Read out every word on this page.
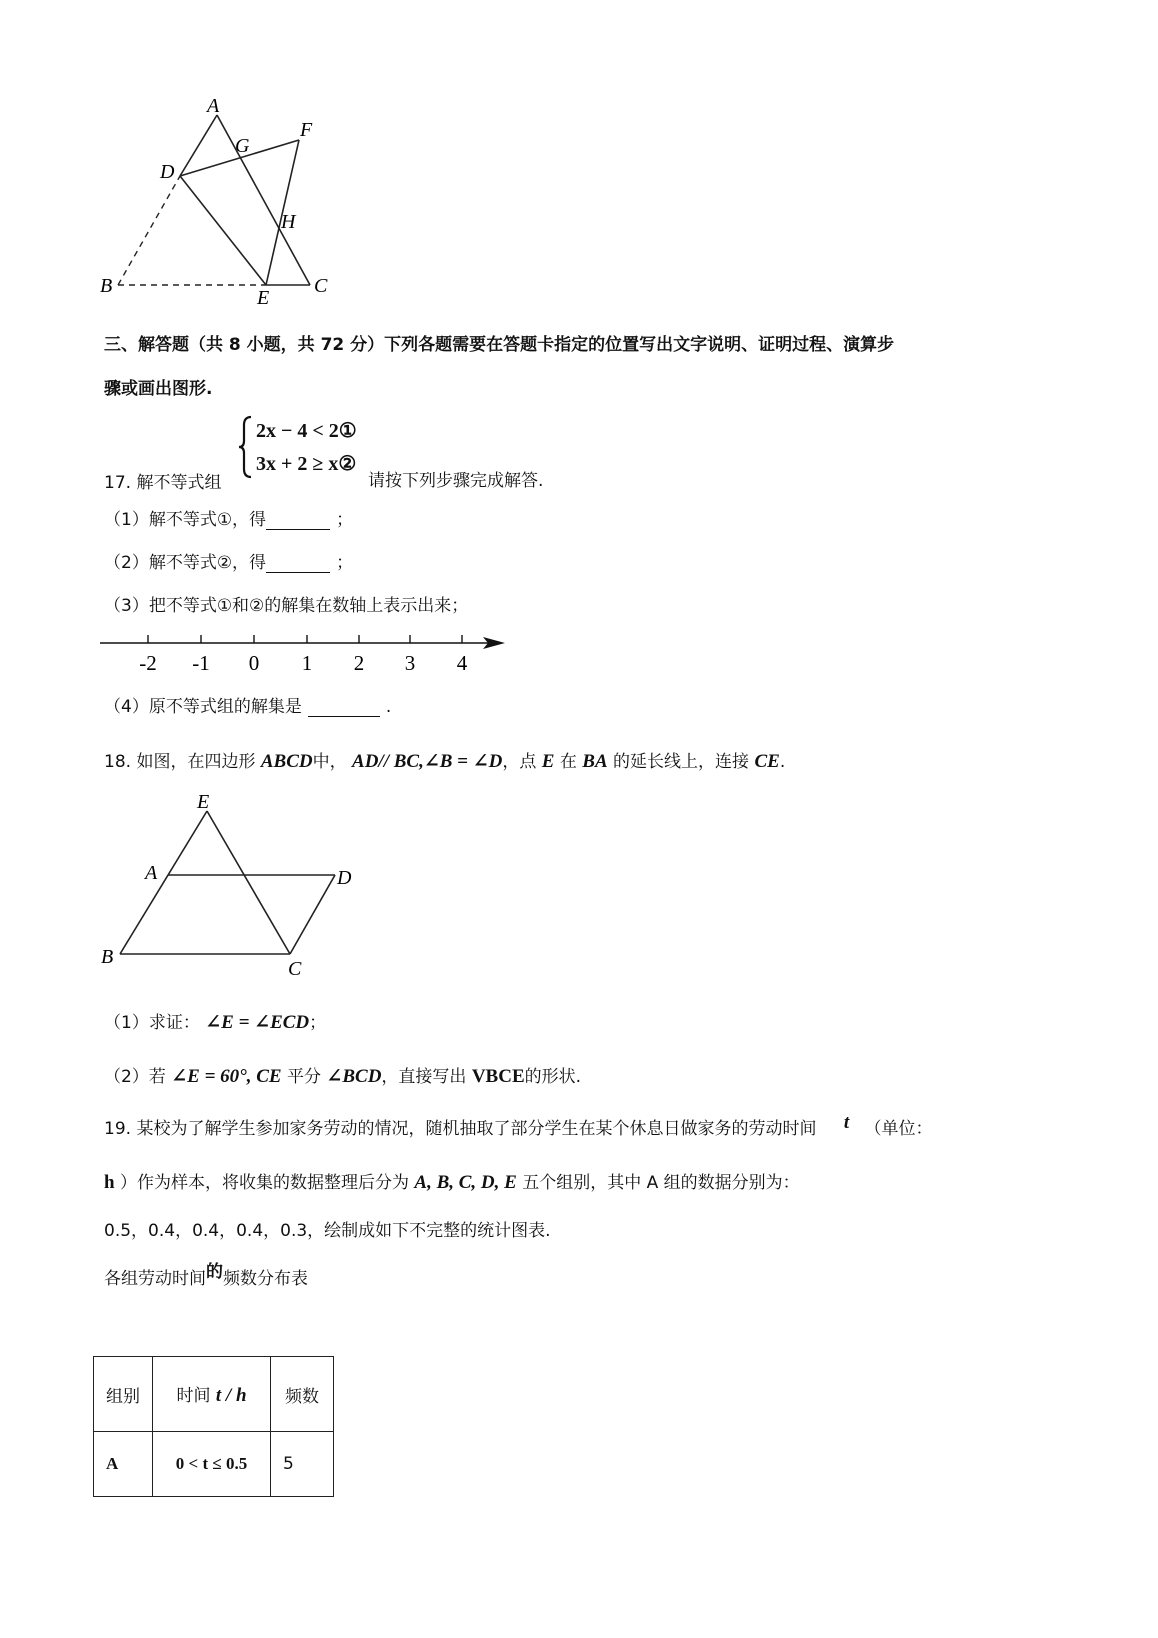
A
G
F
D
H
B
E
C
三、解答题（共 8 小题，共 72 分）下列各题需要在答题卡指定的位置写出文字说明、证明过程、演算步
骤或画出图形.
2x − 4 < 2①
3x + 2 ≥ x②
17. 解不等式组	请按下列步骤完成解答.
（1）解不等式①，得	；
（2）解不等式②，得	；
（3）把不等式①和②的解集在数轴上表示出来；
-2 -1 0 1 2 3 4
（4）原不等式组的解集是	.
18. 如图，在四边形 ABCD中， AD// BC,∠B = ∠D，点 E 在 BA 的延长线上，连接 CE.
E
A	D
B
C
（1）求证： ∠E = ∠ECD；
（2）若 ∠E = 60°, CE 平分 ∠BCD，直接写出 VBCE的形状.
19. 某校为了解学生参加家务劳动的情况，随机抽取了部分学生在某个休息日做家务的劳动时间 t （单位：
h ）作为样本，将收集的数据整理后分为 A, B, C, D, E 五个组别，其中 A 组的数据分别为：
0.5，0.4，0.4，0.4，0.3，绘制成如下不完整的统计图表.
各组劳动时间的频数分布表
组别	时间 t / h	频数
A	0 < t ≤ 0.5	5
